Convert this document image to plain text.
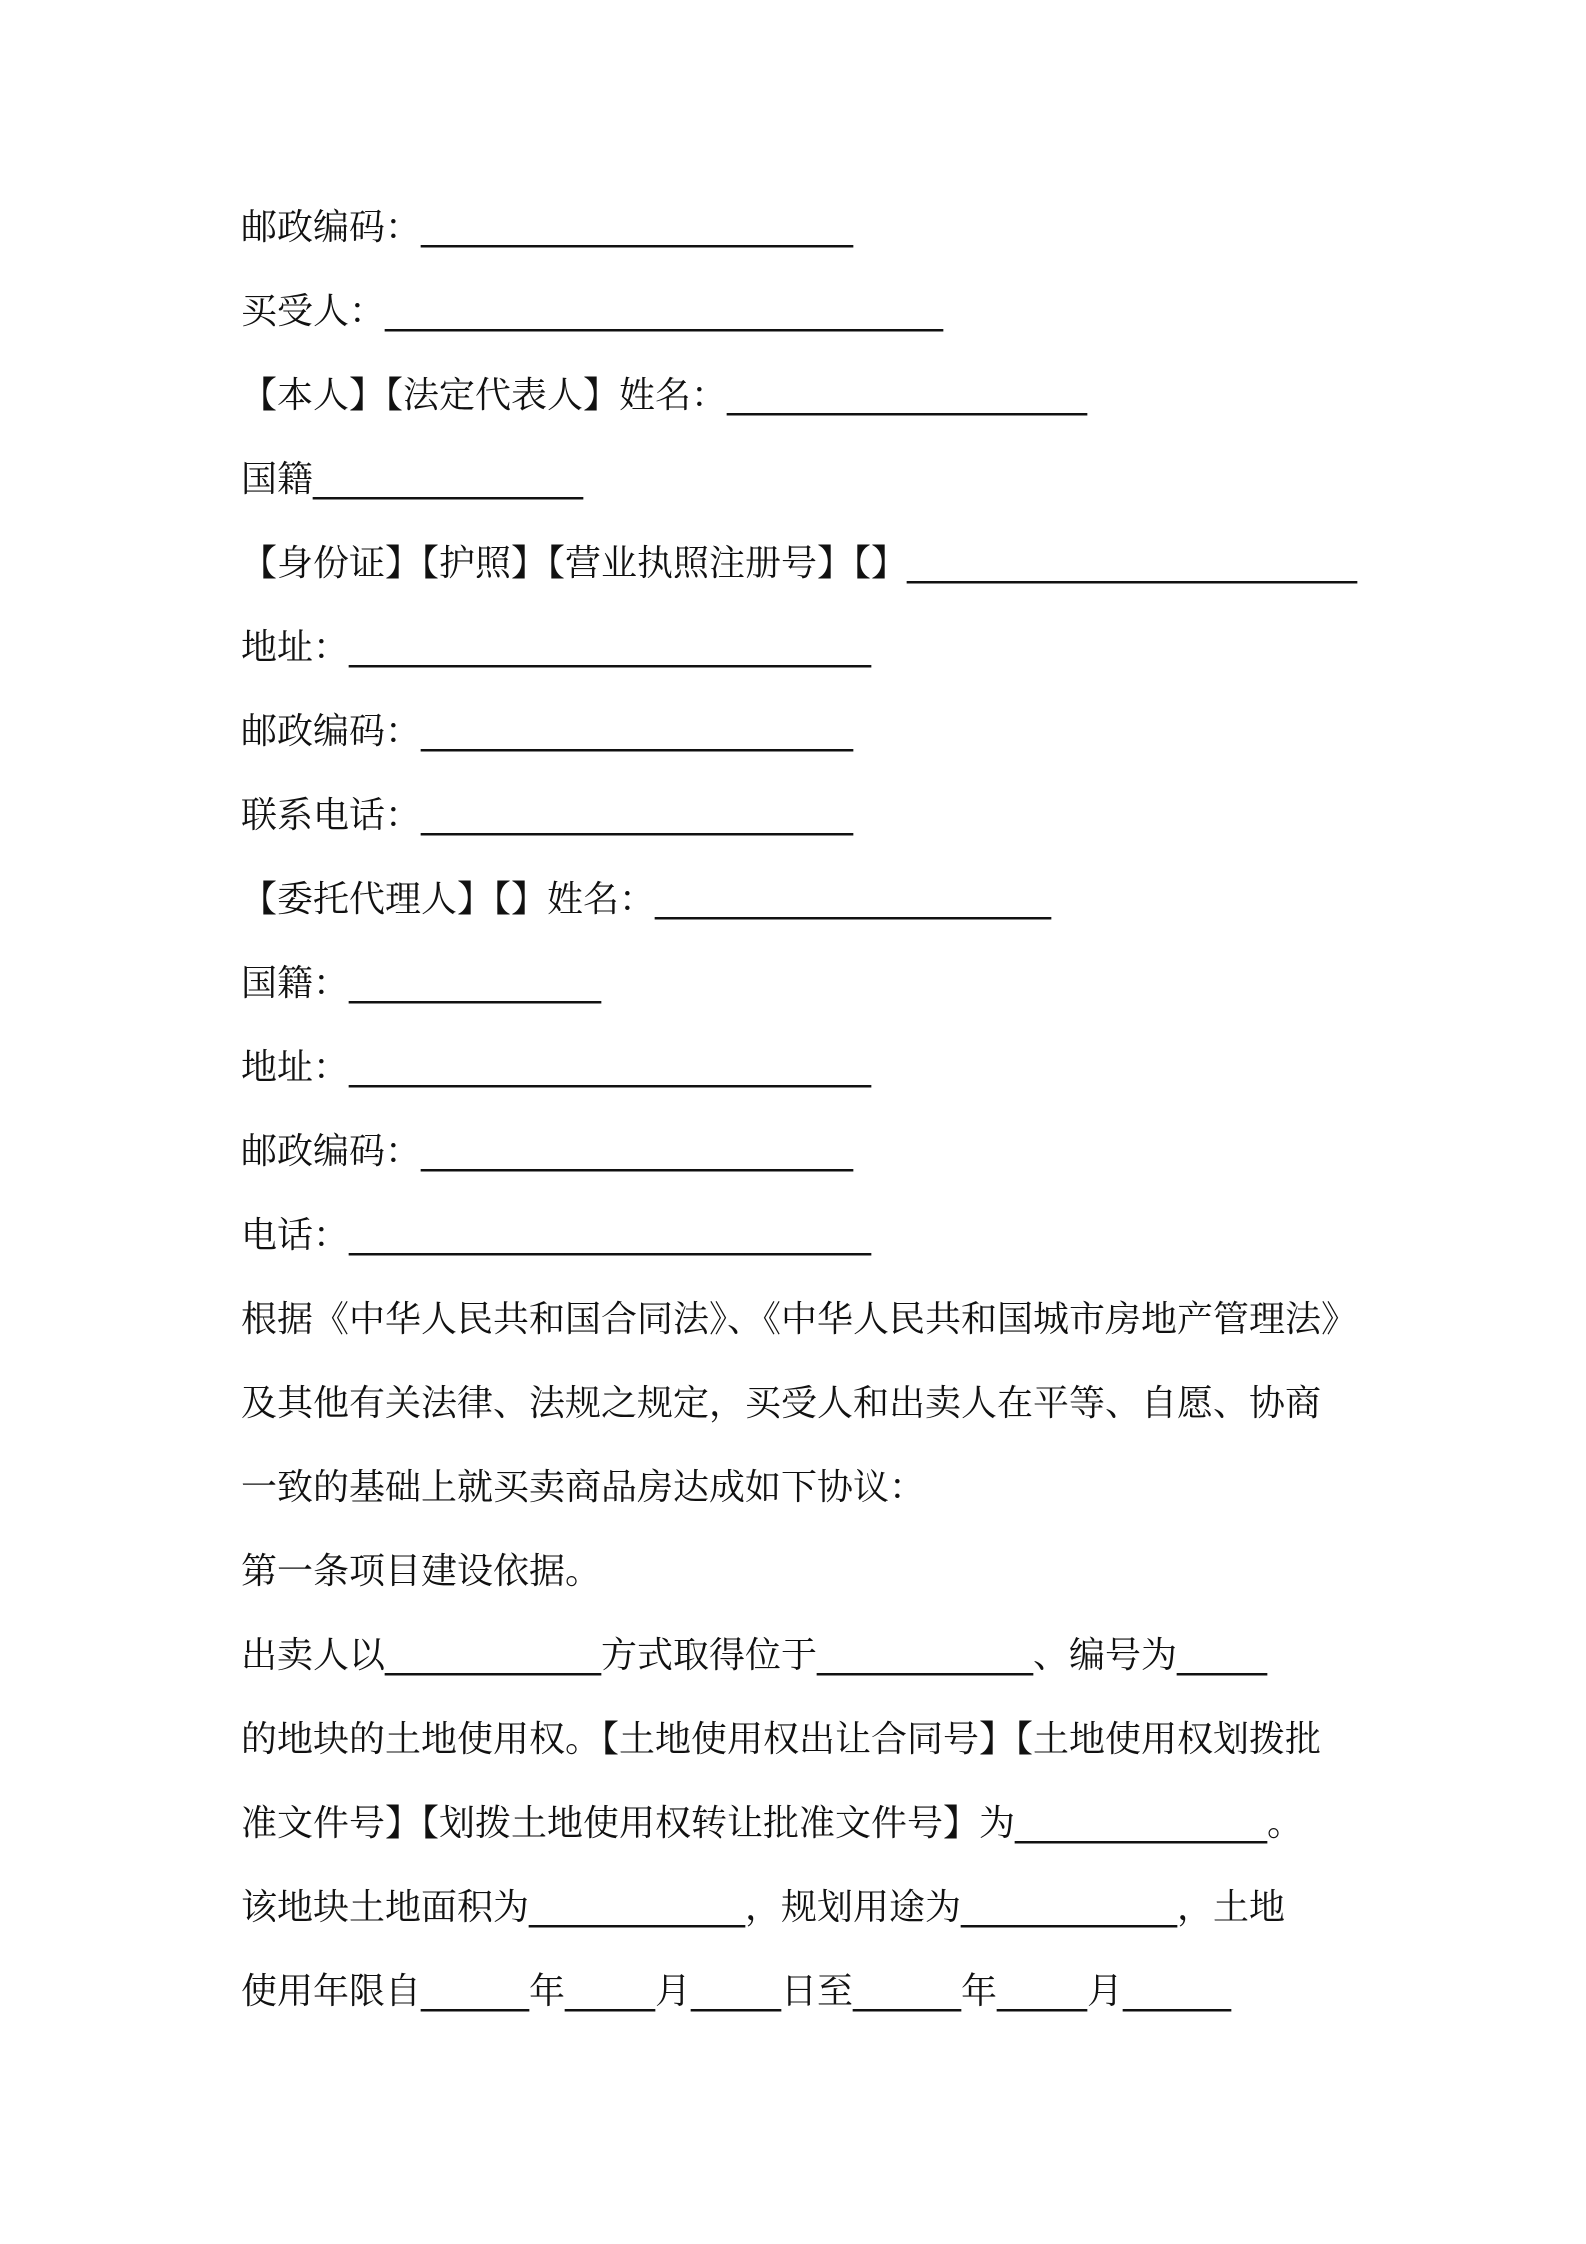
邮政编码：________________________
买受人：_______________________________
【本人】【法定代表人】姓名：____________________
国籍_______________
【身份证】【护照】【营业执照注册号】【】_________________________
地址：_____________________________
邮政编码：________________________
联系电话：________________________
【委托代理人】【】姓名：______________________
国籍：______________
地址：_____________________________
邮政编码：________________________
电话：_____________________________
根据《中华人民共和国合同法》、《中华人民共和国城市房地产管理法》
及其他有关法律、法规之规定，买受人和出卖人在平等、自愿、协商
一致的基础上就买卖商品房达成如下协议：
第一条项目建设依据。
出卖人以____________方式取得位于____________、编号为_____
的地块的土地使用权。【土地使用权出让合同号】【土地使用权划拨批
准文件号】【划拨土地使用权转让批准文件号】为______________。
该地块土地面积为____________，规划用途为____________，土地
使用年限自______年_____月_____日至______年_____月______
